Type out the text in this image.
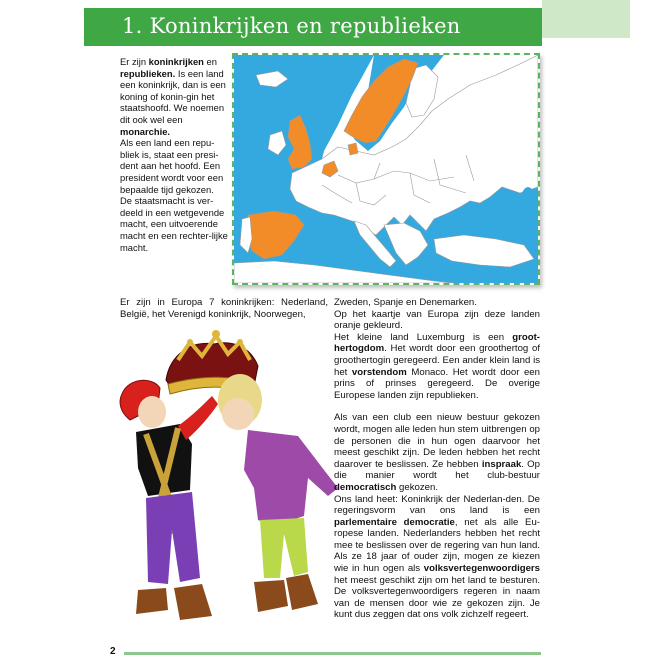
1. Koninkrijken en republieken

Er zijn koninkrijken en republieken. Is een land een koninkrijk, dan is een koning of konin-gin het staatshoofd. We noemen dit ook wel een monarchie.

Als een land een repu-bliek is, staat een presi-dent aan het hoofd. Een president wordt voor een bepaalde tijd gekozen.

De staatsmacht is ver-deeld in een wetgevende macht, een uitvoerende macht en een rechter-lijke macht.

Er zijn in Europa 7 koninkrijken: Nederland, België, het Verenigd koninkrijk, Noorwegen,

Zweden, Spanje en Denemarken.

Op het kaartje van Europa zijn deze landen oranje gekleurd.

Het kleine land Luxemburg is een groot-hertogdom. Het wordt door een groothertog of groothertogin geregeerd. Een ander klein land is het vorstendom Monaco. Het wordt door een prins of prinses geregeerd. De overige Europese landen zijn republieken.

Als van een club een nieuw bestuur gekozen wordt, mogen alle leden hun stem uitbrengen op de personen die in hun ogen daarvoor het meest geschikt zijn. De leden hebben het recht daarover te beslissen. Ze hebben inspraak. Op die manier wordt het club-bestuur democratisch gekozen.

Ons land heet: Koninkrijk der Nederlan-den. De regeringsvorm van ons land is een parlementaire democratie, net als alle Eu-ropese landen. Nederlanders hebben het recht mee te beslissen over de regering van hun land. Als ze 18 jaar of ouder zijn, mogen ze kiezen wie in hun ogen als volksvertegenwoordigers het meest geschikt zijn om het land te besturen. De volksvertegenwoordigers regeren in naam van de mensen door wie ze gekozen zijn. Je kunt dus zeggen dat ons volk zichzelf regeert.

2
